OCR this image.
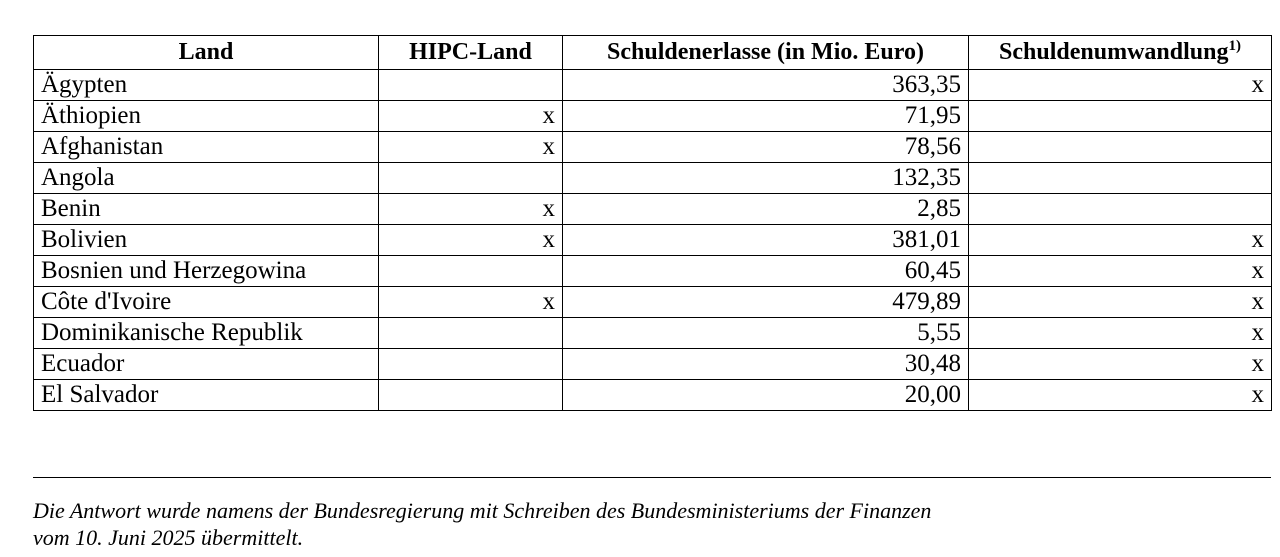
Land	HIPC-Land	Schuldenerlasse (in Mio. Euro)	Schuldenumwandlung$^{1)}$
Ägypten		363,35	x
Äthiopien	x	71,95	
Afghanistan	x	78,56	
Angola		132,35	
Benin	x	2,85	
Bolivien	x	381,01	x
Bosnien und Herzegowina		60,45	x
Côte d'Ivoire	x	479,89	x
Dominikanische Republik		5,55	x
Ecuador		30,48	x
El Salvador		20,00	x
Die Antwort wurde namens der Bundesregierung mit Schreiben des Bundesministeriums der Finanzen
vom 10. Juni 2025 übermittelt.
